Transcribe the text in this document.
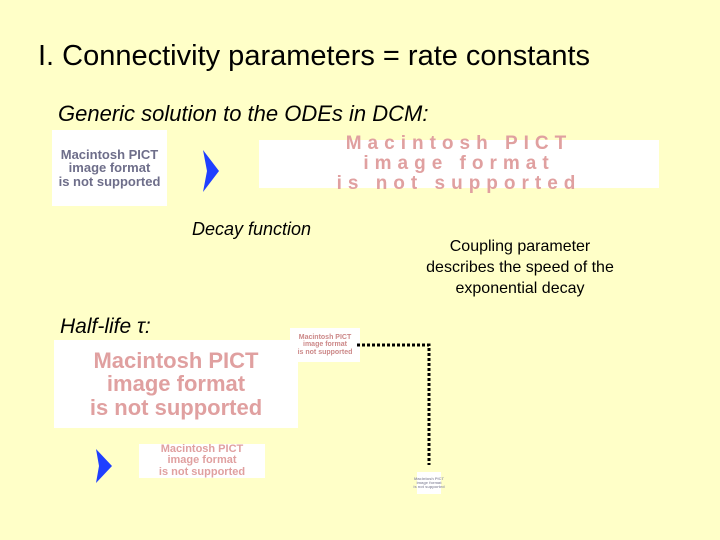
I. Connectivity parameters = rate constants
Generic solution to the ODEs in DCM:
Macintosh PICT
image format
is not supported
Macintosh PICT
image format
is not supported
Decay function
Coupling parameter describes the speed of the exponential decay
Half-life τ:	Macintosh PICT
image format
is not supported
Macintosh PICT
image format
is not supported
Macintosh PICT
image format
is not supported
Macintosh PICT
image format
is not supported
